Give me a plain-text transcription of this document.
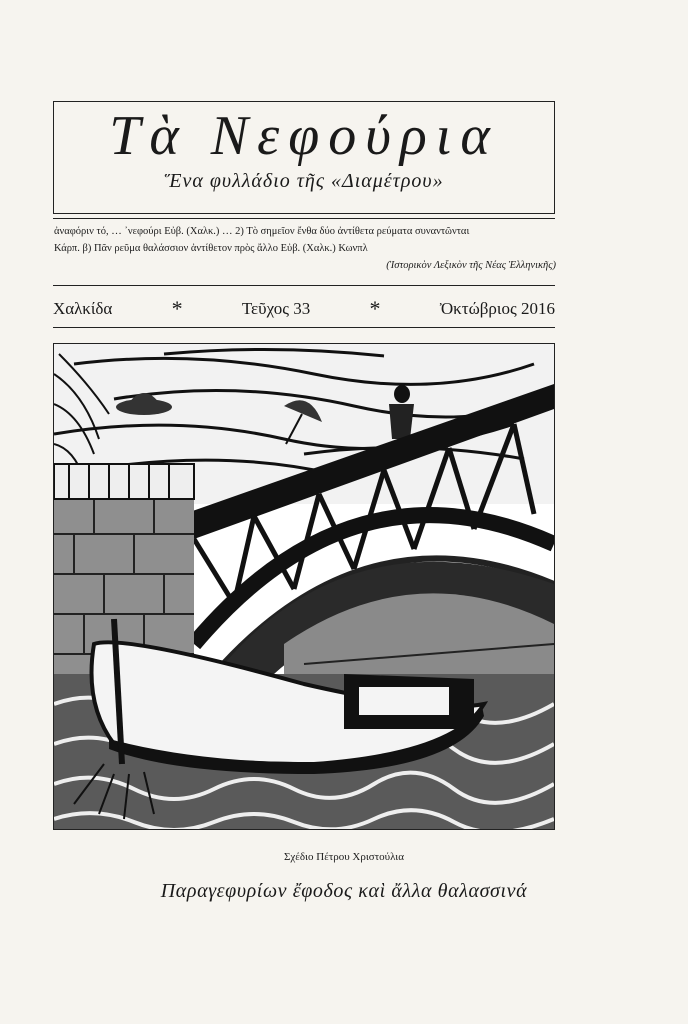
Τὰ Νεφούρια
Ἕνα φυλλάδιο τῆς «Διαμέτρου»
ἀναφόριν τό, … ᾽νεφούρι Εὐβ. (Χαλκ.) … 2) Τὸ σημεῖον ἔνθα δύο ἀντίθετα ρεύματα συναντῶνται
Κάρπ. β) Πᾶν ρεῦμα θαλάσσιον ἀντίθετον πρὸς ἄλλο Εὐβ. (Χαλκ.) Κωνπλ
(Ἱστορικὸν Λεξικὸν τῆς Νέας Ἑλληνικῆς)
Χαλκίδα	*	Τεῦχος 33	*	Ὀκτώβριος 2016
Σχέδιο Πέτρου Χριστούλια
Παραγεφυρίων ἔφοδος καὶ ἄλλα θαλασσινά
